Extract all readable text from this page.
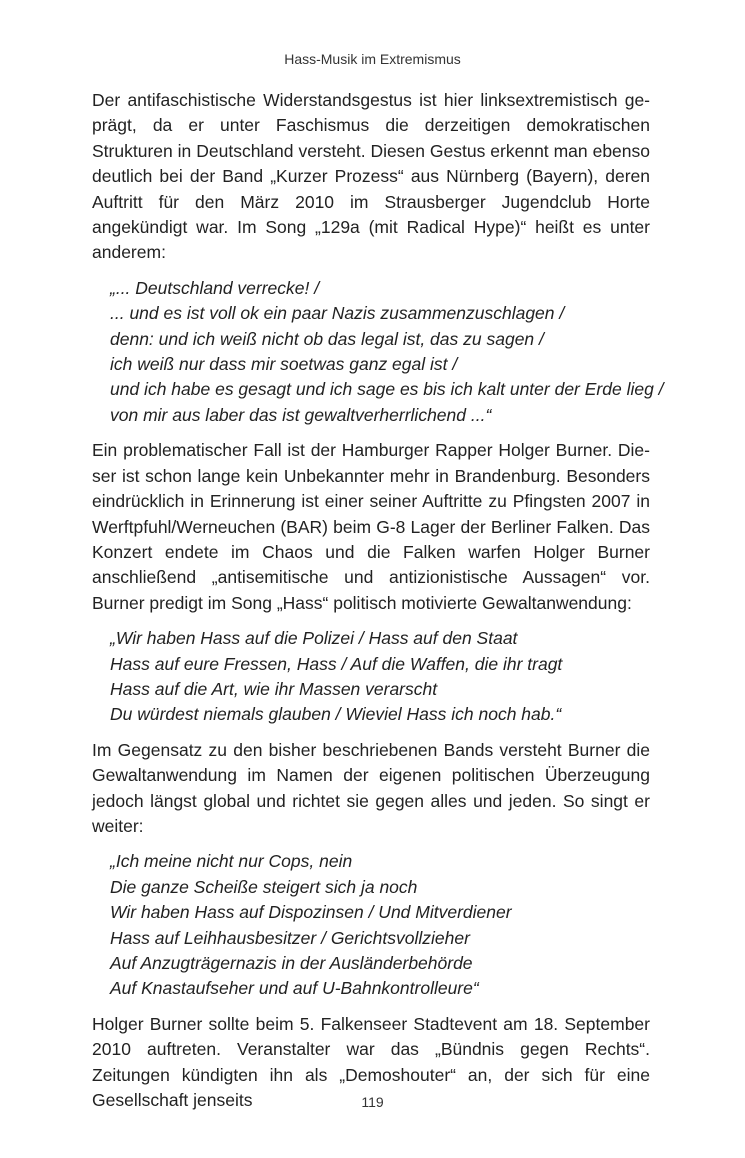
Hass-Musik im Extremismus

Der antifaschistische Widerstandsgestus ist hier linksextremistisch geprägt, da er unter Faschismus die derzeitigen demokratischen Strukturen in Deutschland versteht. Diesen Gestus erkennt man ebenso deutlich bei der Band „Kurzer Prozess“ aus Nürnberg (Bayern), deren Auftritt für den März 2010 im Strausberger Jugendclub Horte angekündigt war. Im Song „129a (mit Radical Hype)“ heißt es unter anderem:

„... Deutschland verrecke! /
... und es ist voll ok ein paar Nazis zusammenzuschlagen /
denn: und ich weiß nicht ob das legal ist, das zu sagen /
ich weiß nur dass mir soetwas ganz egal ist /
und ich habe es gesagt und ich sage es bis ich kalt unter der Erde lieg /
von mir aus laber das ist gewaltverherrlichend ...“

Ein problematischer Fall ist der Hamburger Rapper Holger Burner. Dieser ist schon lange kein Unbekannter mehr in Brandenburg. Besonders eindrücklich in Erinnerung ist einer seiner Auftritte zu Pfingsten 2007 in Werftpfuhl/Werneuchen (BAR) beim G-8 Lager der Berliner Falken. Das Konzert endete im Chaos und die Falken warfen Holger Burner anschließend „antisemitische und antizionistische Aussagen“ vor. Burner predigt im Song „Hass“ politisch motivierte Gewaltanwendung:

„Wir haben Hass auf die Polizei / Hass auf den Staat
Hass auf eure Fressen, Hass / Auf die Waffen, die ihr tragt
Hass auf die Art, wie ihr Massen verarscht
Du würdest niemals glauben / Wieviel Hass ich noch hab.“

Im Gegensatz zu den bisher beschriebenen Bands versteht Burner die Gewaltanwendung im Namen der eigenen politischen Überzeugung jedoch längst global und richtet sie gegen alles und jeden. So singt er weiter:

„Ich meine nicht nur Cops, nein
Die ganze Scheiße steigert sich ja noch
Wir haben Hass auf Dispozinsen / Und Mitverdiener
Hass auf Leihhausbesitzer / Gerichtsvollzieher
Auf Anzugträgernazis in der Ausländerbehörde
Auf Knastaufseher und auf U-Bahnkontrolleure“

Holger Burner sollte beim 5. Falkenseer Stadtevent am 18. September 2010 auftreten. Veranstalter war das „Bündnis gegen Rechts“. Zeitungen kündigten ihn als „Demoshouter“ an, der sich für eine Gesellschaft jenseits	119
